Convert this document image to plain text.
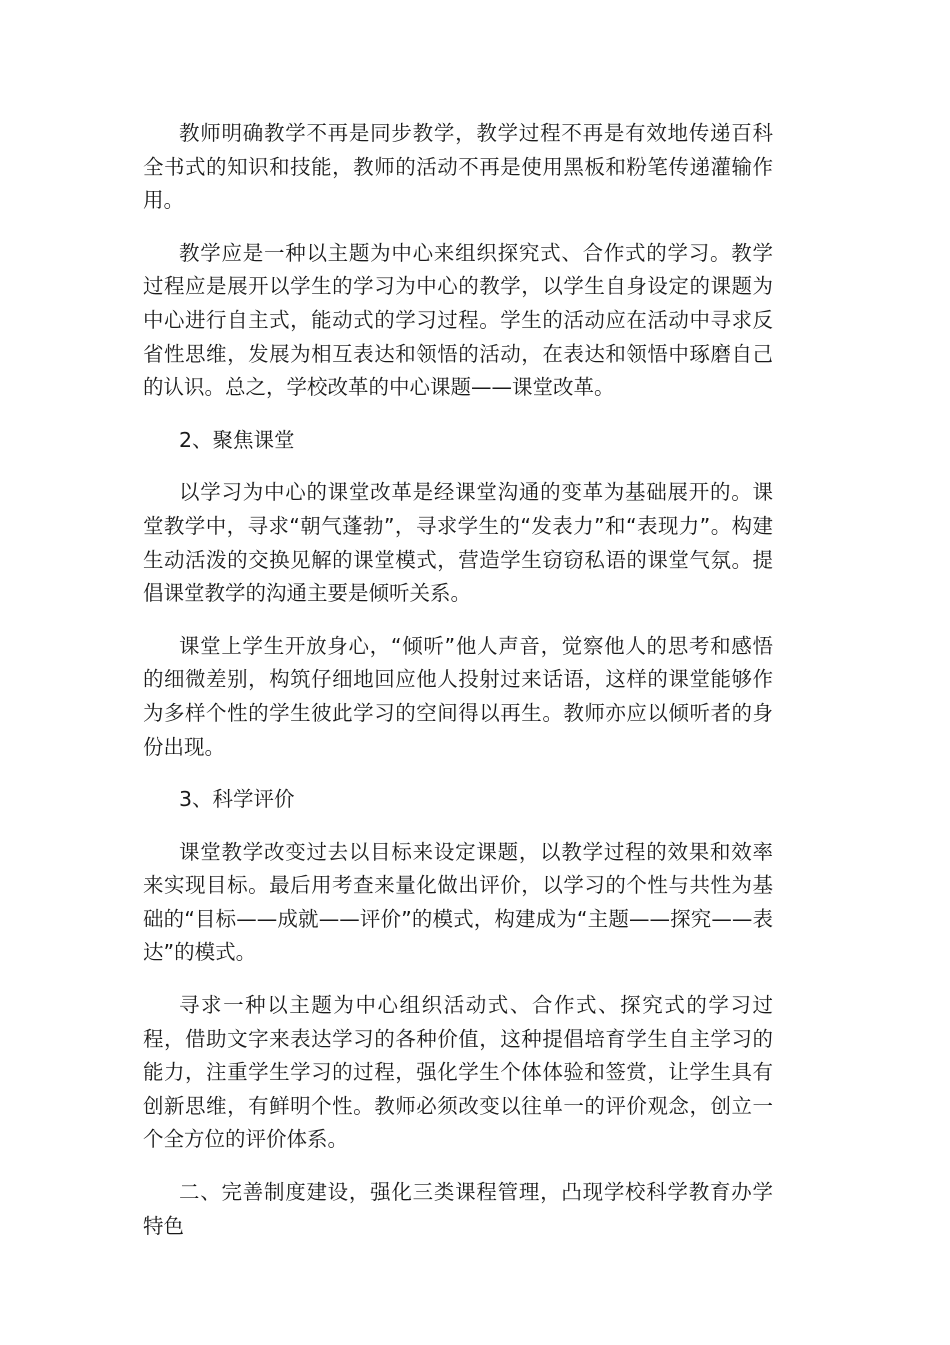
教师明确教学不再是同步教学，教学过程不再是有效地传递百科全书式的知识和技能，教师的活动不再是使用黑板和粉笔传递灌输作用。

教学应是一种以主题为中心来组织探究式、合作式的学习。教学过程应是展开以学生的学习为中心的教学，以学生自身设定的课题为中心进行自主式，能动式的学习过程。学生的活动应在活动中寻求反省性思维，发展为相互表达和领悟的活动，在表达和领悟中琢磨自己的认识。总之，学校改革的中心课题——课堂改革。

2、聚焦课堂

以学习为中心的课堂改革是经课堂沟通的变革为基础展开的。课堂教学中，寻求“朝气蓬勃”，寻求学生的“发表力”和“表现力”。构建生动活泼的交换见解的课堂模式，营造学生窃窃私语的课堂气氛。提倡课堂教学的沟通主要是倾听关系。

课堂上学生开放身心，“倾听”他人声音，觉察他人的思考和感悟的细微差别，构筑仔细地回应他人投射过来话语，这样的课堂能够作为多样个性的学生彼此学习的空间得以再生。教师亦应以倾听者的身份出现。

3、科学评价

课堂教学改变过去以目标来设定课题，以教学过程的效果和效率来实现目标。最后用考查来量化做出评价，以学习的个性与共性为基础的“目标——成就——评价”的模式，构建成为“主题——探究——表达”的模式。

寻求一种以主题为中心组织活动式、合作式、探究式的学习过程，借助文字来表达学习的各种价值，这种提倡培育学生自主学习的能力，注重学生学习的过程，强化学生个体体验和签赏，让学生具有创新思维，有鲜明个性。教师必须改变以往单一的评价观念，创立一个全方位的评价体系。

二、完善制度建设，强化三类课程管理，凸现学校科学教育办学特色
